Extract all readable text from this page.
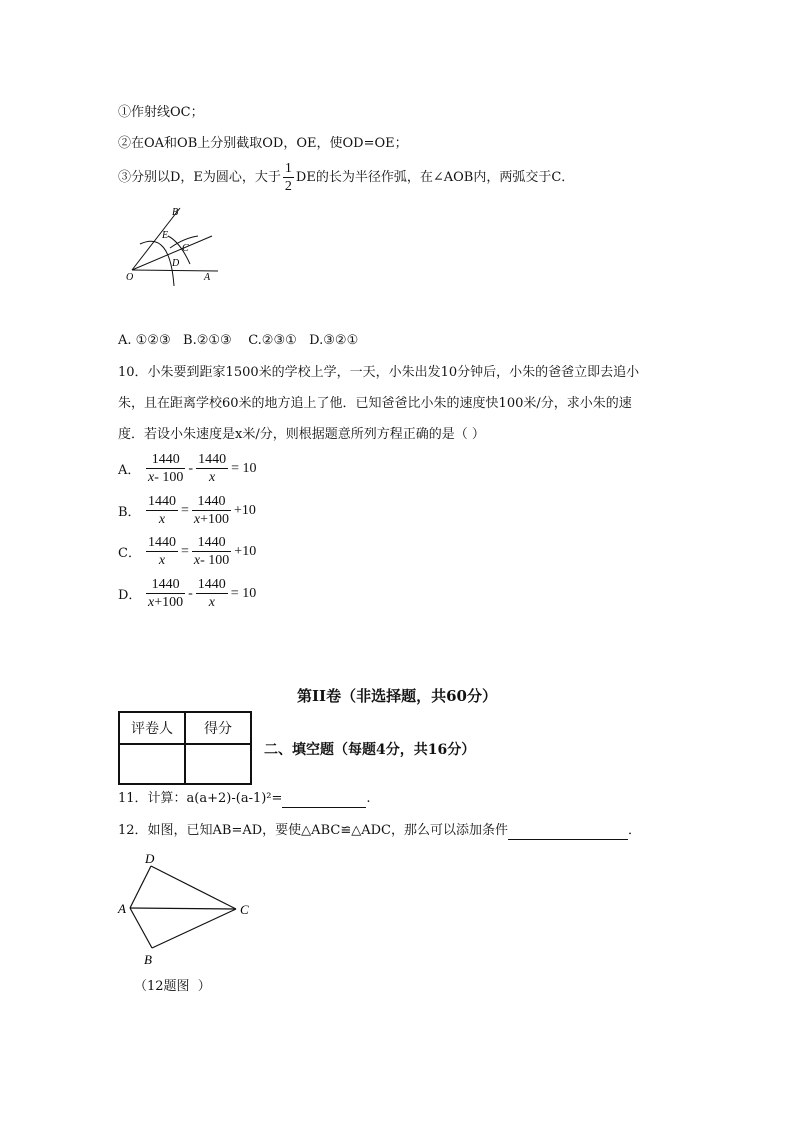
①作射线OC；
②在OA和OB上分别截取OD，OE，使OD=OE；
③分别以D，E为圆心，大于 $\frac{1}{2}$ DE的长为半径作弧，在∠AOB内，两弧交于C．
O	A
B
C
D
E
A. ①②③   B.②①③    C.②③①   D.③②①
10．小朱要到距家1500米的学校上学，一天，小朱出发10分钟后，小朱的爸爸立即去追小
朱，且在距离学校60米的地方追上了他．已知爸爸比小朱的速度快100米/分，求小朱的速
度．若设小朱速度是x米/分，则根据题意所列方程正确的是（ ）
A． $\frac{1440}{x- 100} - \frac{1440}{x} = 10$
B． $\frac{1440}{x} = \frac{1440}{x+100} +10$
C． $\frac{1440}{x} = \frac{1440}{x- 100} +10$
D． $\frac{1440}{x+100} - \frac{1440}{x} = 10$
第II卷（非选择题，共60分）
评卷人	得分

二、填空题（每题4分，共16分）
11．计算：a(a+2)-(a-1)²=	.
12．如图，已知AB=AD，要使△ABC≌△ADC，那么可以添加条件	．
A
B
C
D
（12题图  ）
